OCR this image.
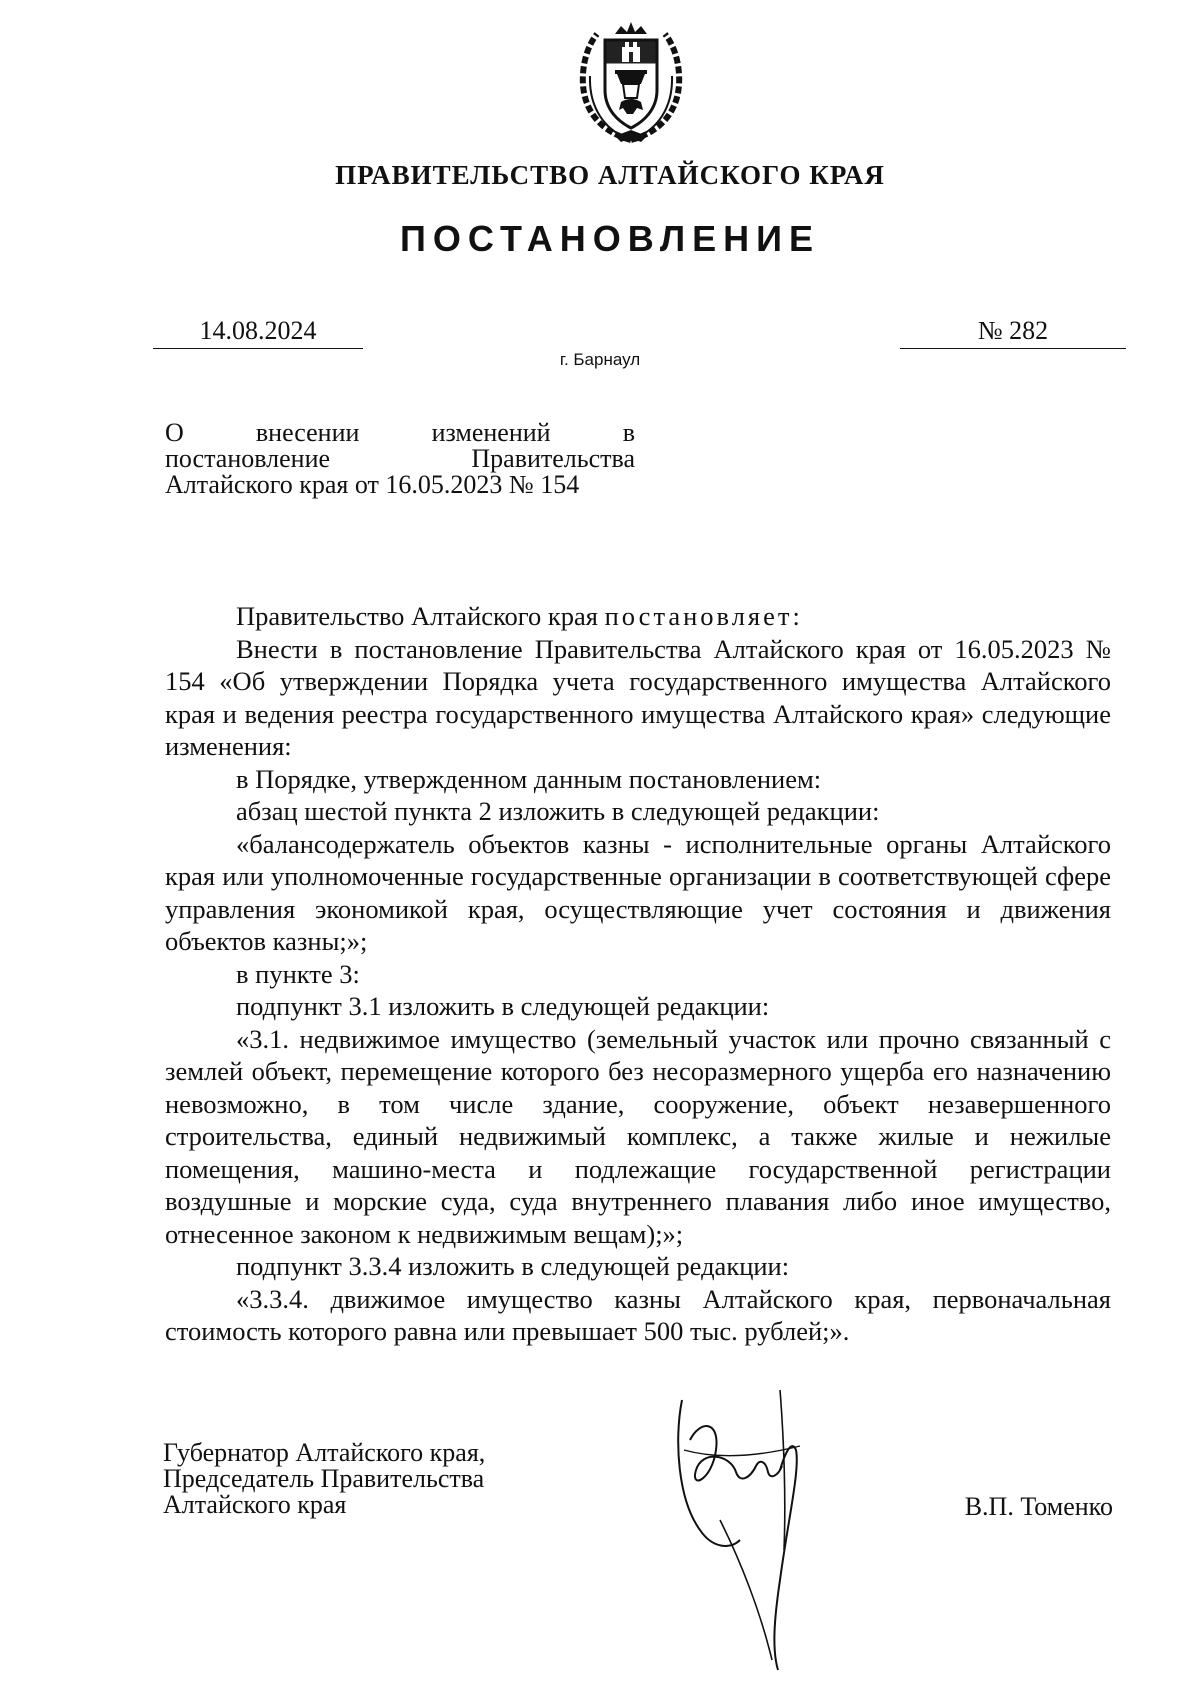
ПРАВИТЕЛЬСТВО АЛТАЙСКОГО КРАЯ
ПОСТАНОВЛЕНИЕ
14.08.2024	№ 282
г. Барнаул
О	внесении	изменений	в
постановление	Правительства
Алтайского края от 16.05.2023 № 154

Правительство Алтайского края постановляет:

Внести в постановление Правительства Алтайского края от 16.05.2023 № 154 «Об утверждении Порядка учета государственного имущества Алтайского края и ведения реестра государственного имущества Алтайского края» следующие изменения:

в Порядке, утвержденном данным постановлением:

абзац шестой пункта 2 изложить в следующей редакции:

«балансодержатель объектов казны - исполнительные органы Алтайского края или уполномоченные государственные организации в соответствующей сфере управления экономикой края, осуществляющие учет состояния и движения объектов казны;»;

в пункте 3:

подпункт 3.1 изложить в следующей редакции:

«3.1. недвижимое имущество (земельный участок или прочно связанный с землей объект, перемещение которого без несоразмерного ущерба его назначению невозможно, в том числе здание, сооружение, объект незавершенного строительства, единый недвижимый комплекс, а также жилые и нежилые помещения, машино-места и подлежащие государственной регистрации воздушные и морские суда, суда внутреннего плавания либо иное имущество, отнесенное законом к недвижимым вещам);»;

подпункт 3.3.4 изложить в следующей редакции:

«3.3.4. движимое имущество казны Алтайского края, первоначальная стоимость которого равна или превышает 500 тыс. рублей;».

Губернатор Алтайского края,
Председатель Правительства
Алтайского края	В.П. Томенко
